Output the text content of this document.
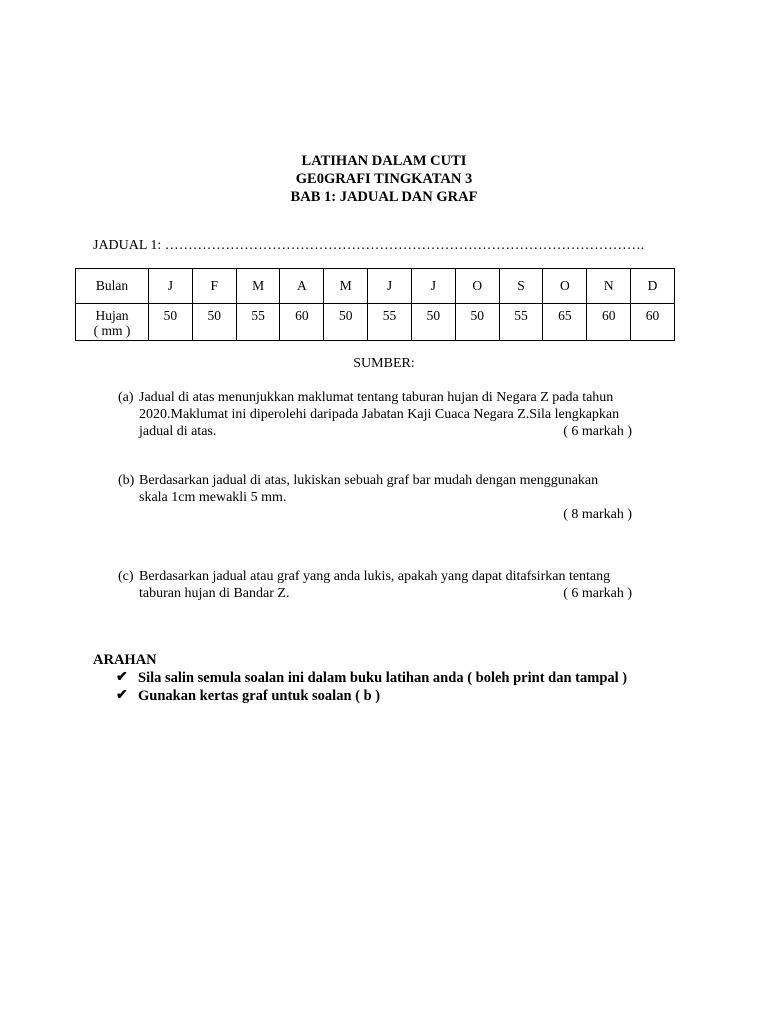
LATIHAN DALAM CUTI
GE0GRAFI TINGKATAN 3
BAB 1: JADUAL DAN GRAF
JADUAL 1: ………………………………………………………………………………………….
Bulan	J	F	M	A	M	J	J	O	S	O	N	D

Hujan
( mm )	50	50	55	60	50	55	50	50	55	65	60	60
SUMBER:
(a) Jadual di atas menunjukkan maklumat tentang taburan hujan di Negara Z pada tahun
2020.Maklumat ini diperolehi daripada Jabatan Kaji Cuaca Negara Z.Sila lengkapkan
jadual di atas.	( 6 markah )
(b) Berdasarkan jadual di atas, lukiskan sebuah graf bar mudah dengan menggunakan
skala 1cm mewakli 5 mm.
( 8 markah )
(c) Berdasarkan jadual atau graf yang anda lukis, apakah yang dapat ditafsirkan tentang
taburan hujan di Bandar Z.	( 6 markah )
ARAHAN
✔ Sila salin semula soalan ini dalam buku latihan anda ( boleh print dan tampal )
✔ Gunakan kertas graf untuk soalan ( b )
